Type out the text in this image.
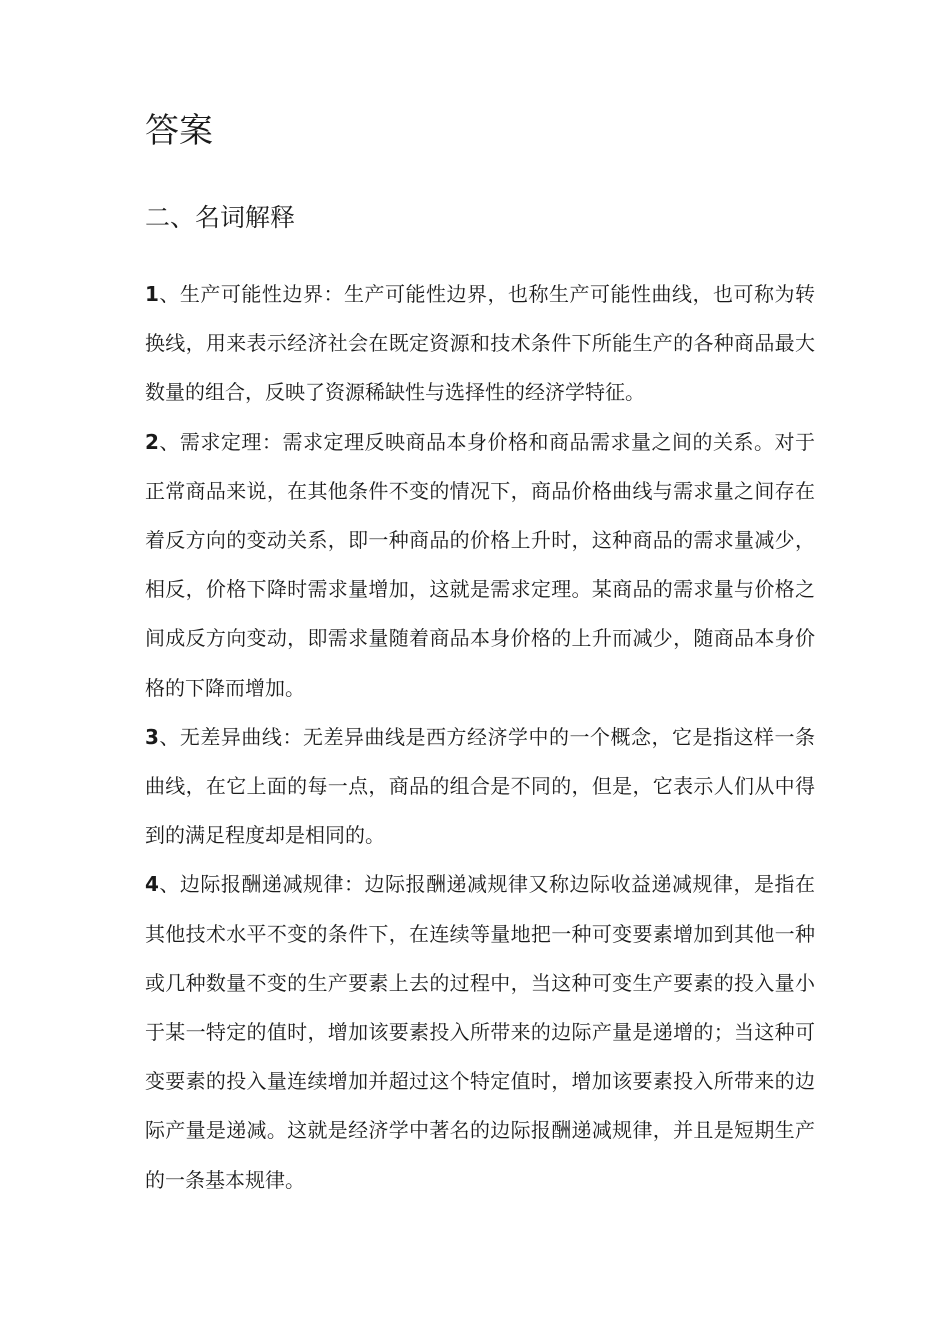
答案
二、名词解释

1、生产可能性边界：生产可能性边界，也称生产可能性曲线，也可称为转换线，用来表示经济社会在既定资源和技术条件下所能生产的各种商品最大数量的组合，反映了资源稀缺性与选择性的经济学特征。

2、需求定理：需求定理反映商品本身价格和商品需求量之间的关系。对于正常商品来说，在其他条件不变的情况下，商品价格曲线与需求量之间存在着反方向的变动关系，即一种商品的价格上升时，这种商品的需求量减少，相反，价格下降时需求量增加，这就是需求定理。某商品的需求量与价格之间成反方向变动，即需求量随着商品本身价格的上升而减少，随商品本身价格的下降而增加。

3、无差异曲线：无差异曲线是西方经济学中的一个概念，它是指这样一条曲线，在它上面的每一点，商品的组合是不同的，但是，它表示人们从中得到的满足程度却是相同的。

4、边际报酬递减规律：边际报酬递减规律又称边际收益递减规律，是指在其他技术水平不变的条件下，在连续等量地把一种可变要素增加到其他一种或几种数量不变的生产要素上去的过程中，当这种可变生产要素的投入量小于某一特定的值时，增加该要素投入所带来的边际产量是递增的；当这种可变要素的投入量连续增加并超过这个特定值时，增加该要素投入所带来的边际产量是递减。这就是经济学中著名的边际报酬递减规律，并且是短期生产的一条基本规律。
